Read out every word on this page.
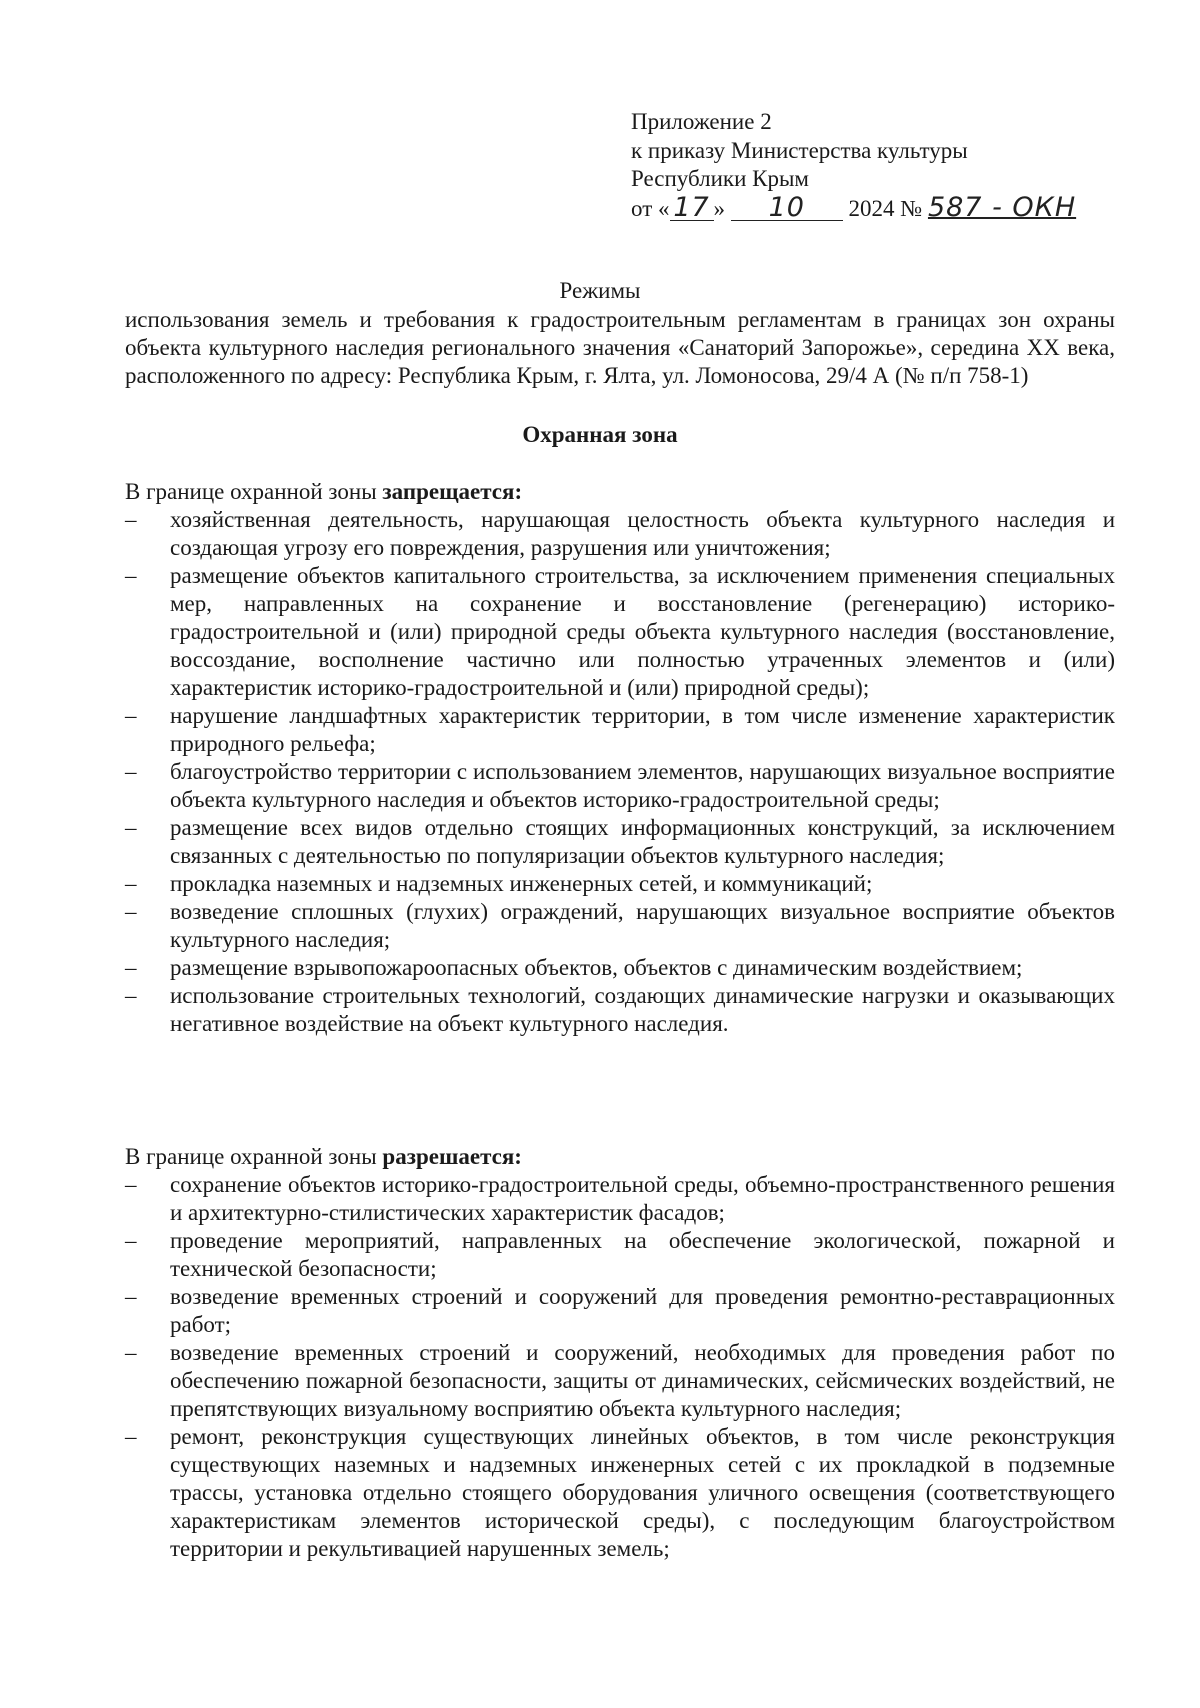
Приложение 2
к приказу Министерства культуры
Республики Крым
от « 17 » 10 2024 № 587 - ОКН
Режимы
использования земель и требования к градостроительным регламентам в границах зон охраны объекта культурного наследия регионального значения «Санаторий Запорожье», середина XX века, расположенного по адресу: Республика Крым, г. Ялта, ул. Ломоносова, 29/4 А (№ п/п 758-1)
Охранная зона
В границе охранной зоны запрещается:
– хозяйственная деятельность, нарушающая целостность объекта культурного наследия и создающая угрозу его повреждения, разрушения или уничтожения;
– размещение объектов капитального строительства, за исключением применения специальных мер, направленных на сохранение и восстановление (регенерацию) историко-градостроительной и (или) природной среды объекта культурного наследия (восстановление, воссоздание, восполнение частично или полностью утраченных элементов и (или) характеристик историко-градостроительной и (или) природной среды);
– нарушение ландшафтных характеристик территории, в том числе изменение характеристик природного рельефа;
– благоустройство территории с использованием элементов, нарушающих визуальное восприятие объекта культурного наследия и объектов историко-градостроительной среды;
– размещение всех видов отдельно стоящих информационных конструкций, за исключением связанных с деятельностью по популяризации объектов культурного наследия;
– прокладка наземных и надземных инженерных сетей, и коммуникаций;
– возведение сплошных (глухих) ограждений, нарушающих визуальное восприятие объектов культурного наследия;
– размещение взрывопожароопасных объектов, объектов с динамическим воздействием;
– использование строительных технологий, создающих динамические нагрузки и оказывающих негативное воздействие на объект культурного наследия.
В границе охранной зоны разрешается:
– сохранение объектов историко-градостроительной среды, объемно-пространственного решения и архитектурно-стилистических характеристик фасадов;
– проведение мероприятий, направленных на обеспечение экологической, пожарной и технической безопасности;
– возведение временных строений и сооружений для проведения ремонтно-реставрационных работ;
– возведение временных строений и сооружений, необходимых для проведения работ по обеспечению пожарной безопасности, защиты от динамических, сейсмических воздействий, не препятствующих визуальному восприятию объекта культурного наследия;
– ремонт, реконструкция существующих линейных объектов, в том числе реконструкция существующих наземных и надземных инженерных сетей с их прокладкой в подземные трассы, установка отдельно стоящего оборудования уличного освещения (соответствующего характеристикам элементов исторической среды), с последующим благоустройством территории и рекультивацией нарушенных земель;
